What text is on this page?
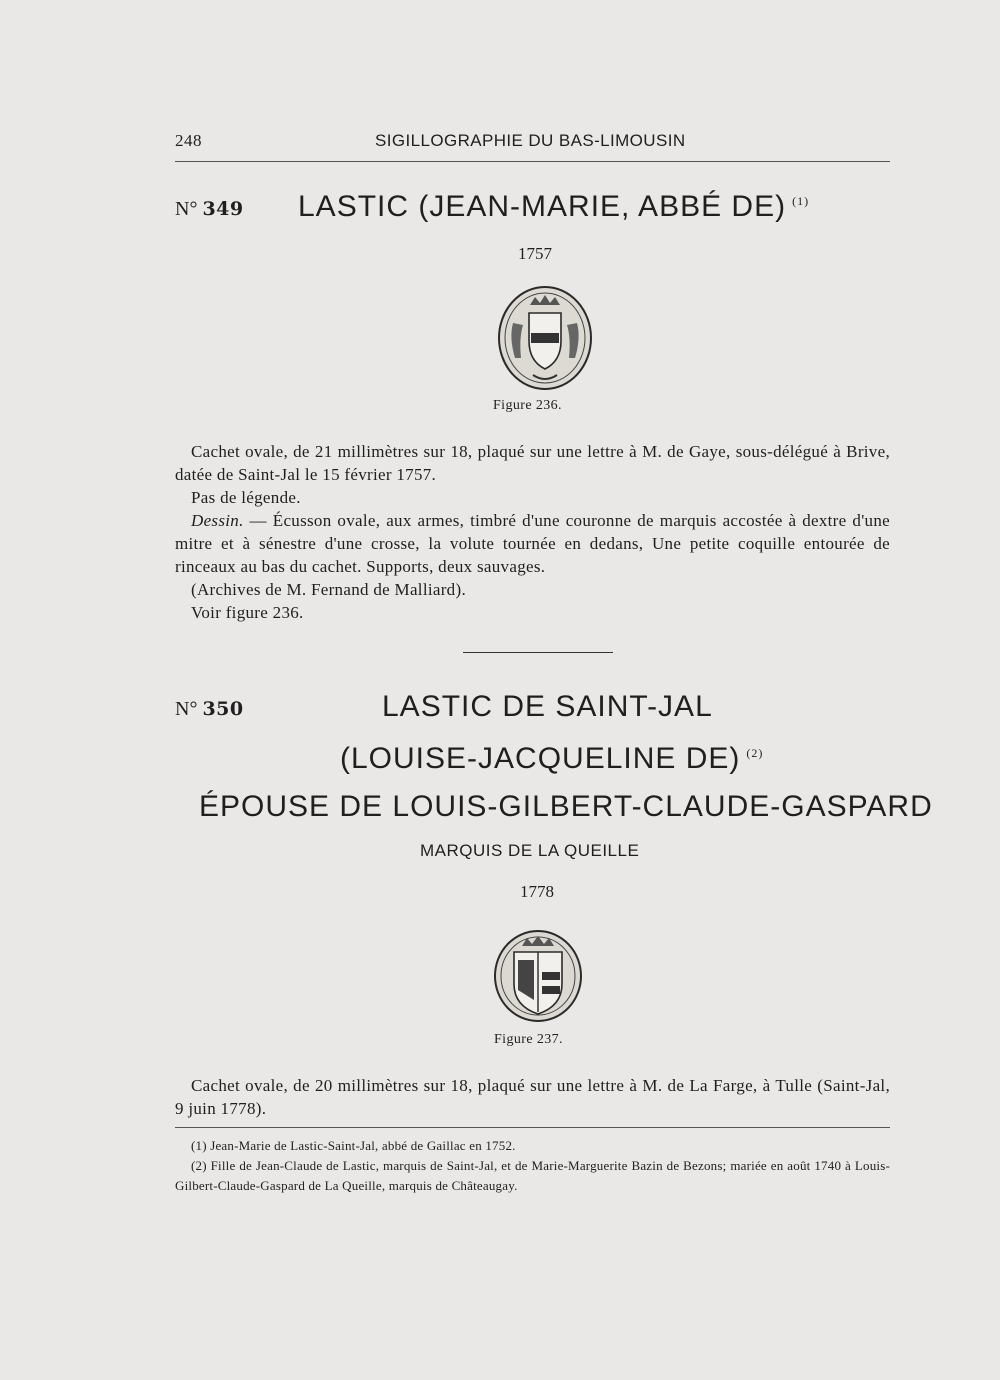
248	SIGILLOGRAPHIE DU BAS-LIMOUSIN
N° 349 LASTIC (JEAN-MARIE, ABBÉ DE) $^{(1)}$
1757
Figure 236.

Cachet ovale, de 21 millimètres sur 18, plaqué sur une lettre à M. de Gaye, sous-délégué à Brive, datée de Saint-Jal le 15 février 1757.

Pas de légende.

Dessin. — Écusson ovale, aux armes, timbré d'une couronne de marquis accostée à dextre d'une mitre et à sénestre d'une crosse, la volute tournée en dedans, Une petite coquille entourée de rinceaux au bas du cachet. Supports, deux sauvages.

(Archives de M. Fernand de Malliard).

Voir figure 236.

N° 350	LASTIC DE SAINT-JAL
(LOUISE-JACQUELINE DE) $^{(2)}$
ÉPOUSE DE LOUIS-GILBERT-CLAUDE-GASPARD
MARQUIS DE LA QUEILLE
1778
Figure 237.

Cachet ovale, de 20 millimètres sur 18, plaqué sur une lettre à M. de La Farge, à Tulle (Saint-Jal, 9 juin 1778).

(1) Jean-Marie de Lastic-Saint-Jal, abbé de Gaillac en 1752.
(2) Fille de Jean-Claude de Lastic, marquis de Saint-Jal, et de Marie-Marguerite Bazin de Bezons; mariée en août 1740 à Louis-Gilbert-Claude-Gaspard de La Queille, marquis de Châteaugay.
